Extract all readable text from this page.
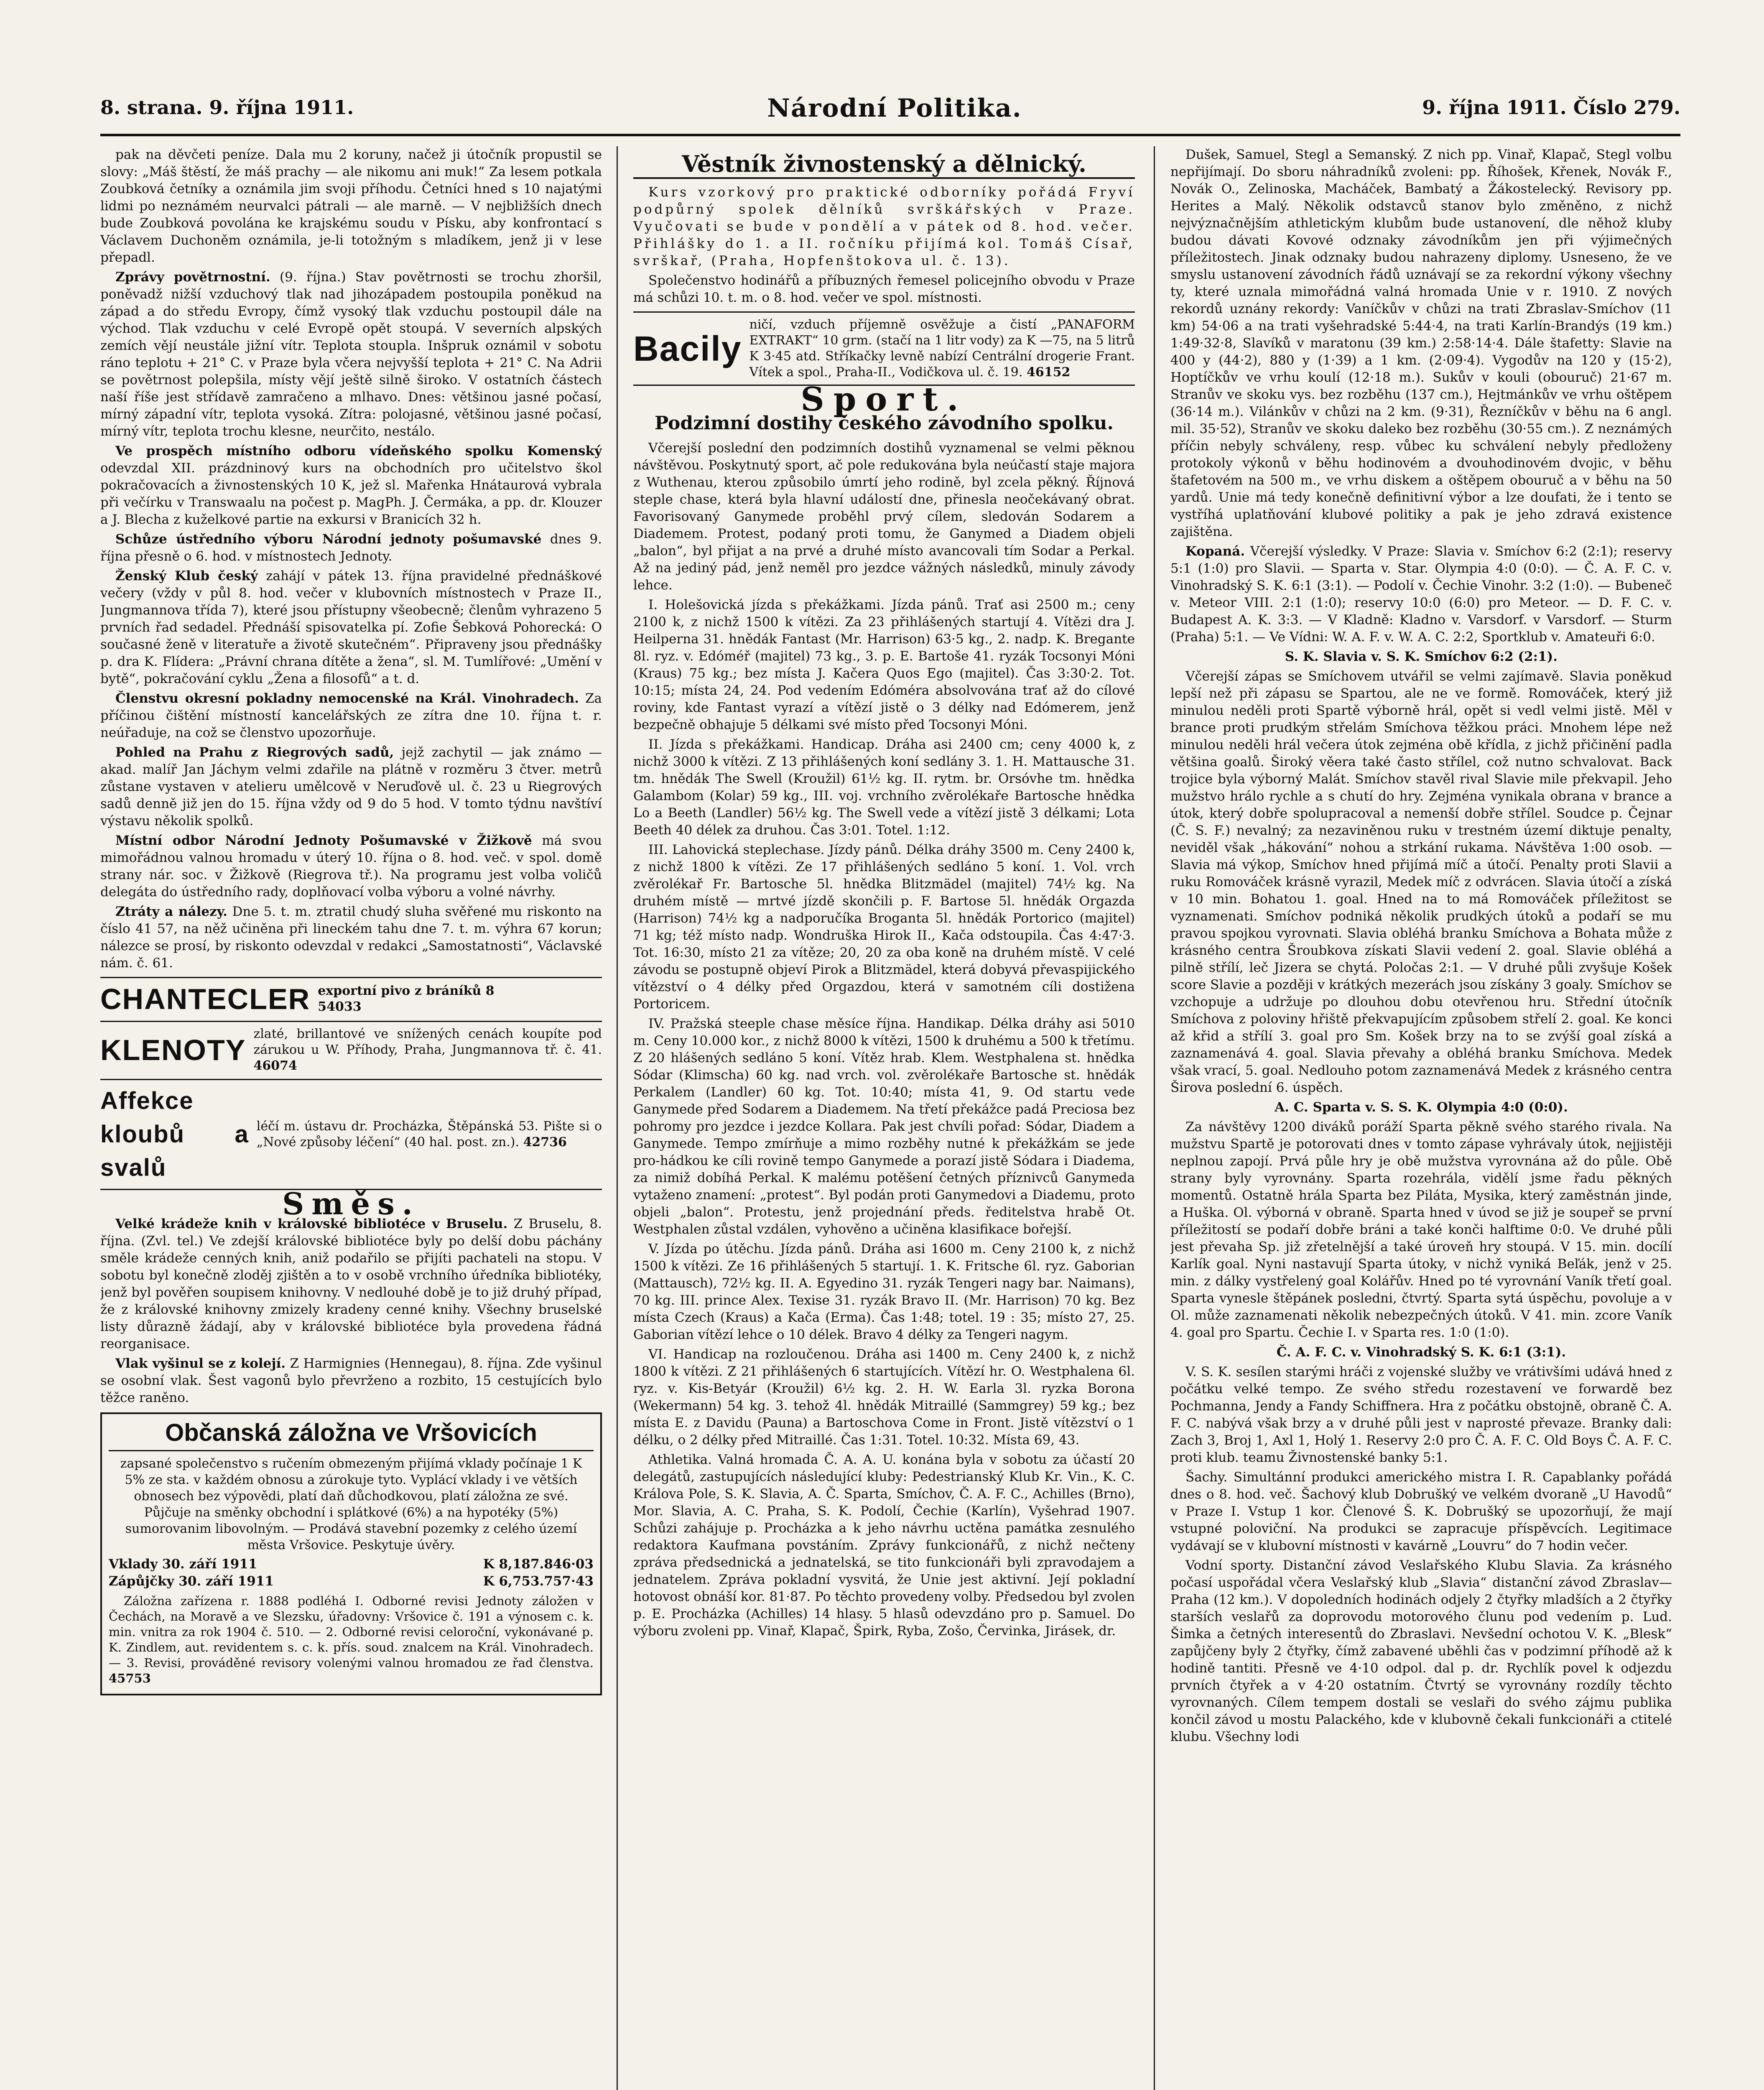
8. strana. 9. října 1911.	Národní Politika.	9. října 1911. Číslo 279.

pak na děvčeti peníze. Dala mu 2 koruny, načež ji útočník propustil se slovy: „Máš štěstí, že máš prachy — ale nikomu ani muk!“ Za lesem potkala Zoubková četníky a oznámila jim svoji příhodu. Četníci hned s 10 najatými lidmi po neznámém neurvalci pátrali — ale marně. — V nejbližších dnech bude Zoubková povolána ke krajskému soudu v Písku, aby konfrontací s Václavem Duchoněm oznámila, je-li totožným s mladíkem, jenž ji v lese přepadl.

Zprávy povětrnostní. (9. října.) Stav povětrnosti se trochu zhoršil, poněvadž nižší vzduchový tlak nad jihozápadem postoupila poněkud na západ a do středu Evropy, čímž vysoký tlak vzduchu postoupil dále na východ. Tlak vzduchu v celé Evropě opět stoupá. V severních alpských zemích vějí neustále jižní vítr. Teplota stoupla. Inšpruk oznámil v sobotu ráno teplotu + 21° C. v Praze byla včera nejvyšší teplota + 21° C. Na Adrii se povětrnost polepšila, místy vějí ještě silně široko. V ostatních částech naší říše jest střídavě zamračeno a mlhavo. Dnes: většinou jasné počasí, mírný západní vítr, teplota vysoká. Zítra: polojasné, většinou jasné počasí, mírný vítr, teplota trochu klesne, neurčito, nestálo.

Ve prospěch místního odboru vídeňského spolku Komenský odevzdal XII. prázdninový kurs na obchodních pro učitelstvo škol pokračovacích a živnostenských 10 K, jež sl. Mařenka Hnátaurová vybrala při večírku v Transwaalu na počest p. MagPh. J. Čermáka, a pp. dr. Klouzer a J. Blecha z kuželkové partie na exkursi v Branicích 32 h.

Schůze ústředního výboru Národní jednoty pošumavské dnes 9. října přesně o 6. hod. v místnostech Jednoty.

Ženský Klub český zahájí v pátek 13. října pravidelné přednáškové večery (vždy v půl 8. hod. večer v klubovních místnostech v Praze II., Jungmannova třída 7), které jsou přístupny všeobecně; členům vyhrazeno 5 prvních řad sedadel. Přednáší spisovatelka pí. Zofie Šebková Pohorecká: O současné ženě v literatuře a životě skutečném“. Připraveny jsou přednášky p. dra K. Flídera: „Právní chrana dítěte a žena“, sl. M. Tumlířové: „Umění v bytě“, pokračování cyklu „Žena a filosofů“ a t. d.

Členstvu okresní pokladny nemocenské na Král. Vinohradech. Za příčinou čištění místností kancelářských ze zítra dne 10. října t. r. neúřaduje, na což se členstvo upozorňuje.

Pohled na Prahu z Riegrových sadů, jejž zachytil — jak známo — akad. malíř Jan Jáchym velmi zdařile na plátně v rozměru 3 čtver. metrů zůstane vystaven v atelieru umělcově v Neruďově ul. č. 23 u Riegrových sadů denně již jen do 15. října vždy od 9 do 5 hod. V tomto týdnu navštíví výstavu několik spolků.

Místní odbor Národní Jednoty Pošumavské v Žižkově má svou mimořádnou valnou hromadu v úterý 10. října o 8. hod. več. v spol. domě strany nár. soc. v Žižkově (Riegrova tř.). Na programu jest volba voličů delegáta do ústředního rady, doplňovací volba výboru a volné návrhy.

Ztráty a nálezy. Dne 5. t. m. ztratil chudý sluha svěřené mu riskonto na číslo 41 57, na něž učiněna při lineckém tahu dne 7. t. m. výhra 67 korun; nálezce se prosí, by riskonto odevzdal v redakci „Samostatnosti“, Václavské nám. č. 61.

CHANTECLER exportní pivo z bráníků 8
54033
KLENOTY zlaté, brillantové ve snížených cenách koupíte pod zárukou u W. Příhody, Praha, Jungmannova tř. č. 41. 46074
Affekce kloubů a svalů
léčí m. ústavu dr. Procházka, Štěpánská 53. Pište si o „Nové způsoby léčení“ (40 hal. post. zn.). 42736
Směs.

Velké krádeže knih v královské bibliotéce v Bruselu. Z Bruselu, 8. října. (Zvl. tel.) Ve zdejší královské bibliotéce byly po delší dobu páchány směle krádeže cenných knih, aniž podařilo se přijíti pachateli na stopu. V sobotu byl konečně zloděj zjištěn a to v osobě vrchního úředníka bibliotéky, jenž byl pověřen soupisem knihovny. V nedlouhé době je to již druhý případ, že z královské knihovny zmizely kradeny cenné knihy. Všechny bruselské listy důrazně žádají, aby v královské bibliotéce byla provedena řádná reorganisace.

Vlak vyšinul se z kolejí. Z Harmignies (Hennegau), 8. října. Zde vyšinul se osobní vlak. Šest vagonů bylo převrženo a rozbito, 15 cestujících bylo těžce raněno.

Občanská záložna ve Vršovicích

zapsané společenstvo s ručením obmezeným přijímá vklady počínaje 1 K 5% ze sta. v každém obnosu a zúrokuje tyto. Vyplácí vklady i ve větších obnosech bez výpovědi, platí daň důchodkovou, platí záložna ze své. Půjčuje na směnky obchodní i splátkové (6%) a na hypotéky (5%) sumorovanim libovolným. — Prodává stavební pozemky z celého území města Vršovice. Peskytuje úvěry.

Vklady 30. září 1911	K 8,187.846·03
Zápůjčky 30. září 1911	K 6,753.757·43

Záložna zařízena r. 1888 podléhá I. Odborné revisi Jednoty záložen v Čechách, na Moravě a ve Slezsku, úřadovny: Vršovice č. 191 a výnosem c. k. min. vnitra za rok 1904 č. 510. — 2. Odborné revisi celoroční, vykonávané p. K. Zindlem, aut. revidentem s. c. k. přís. soud. znalcem na Král. Vinohradech. — 3. Revisi, prováděné revisory volenými valnou hromadou ze řad členstva. 45753

Věstník živnostenský a dělnický.

Kurs vzorkový pro praktické odborníky pořádá Fryví podpůrný spolek dělníků svrškářských v Praze. Vyučovati se bude v pondělí a v pátek od 8. hod. večer. Přihlášky do 1. a II. ročníku přijímá kol. Tomáš Císař, svrškař, (Praha, Hopfenštokova ul. č. 13).

Společenstvo hodinářů a příbuzných řemesel policejního obvodu v Praze má schůzi 10. t. m. o 8. hod. večer ve spol. místnosti.

Bacily
ničí, vzduch příjemně osvěžuje a čistí „PANAFORM EXTRAKT“ 10 grm. (stačí na 1 litr vody) za K —75, na 5 litrů K 3·45 atd. Stříkačky levně nabízí Centrální drogerie Frant. Vítek a spol., Praha-II., Vodičkova ul. č. 19. 46152
Sport.
Podzimní dostihy českého závodního spolku.

Včerejší poslední den podzimních dostihů vyznamenal se velmi pěknou návštěvou. Poskytnutý sport, ač pole redukována byla neúčastí staje majora z Wuthenau, kterou způsobilo úmrtí jeho rodině, byl zcela pěkný. Říjnová steple chase, která byla hlavní událostí dne, přinesla neočekávaný obrat. Favorisovaný Ganymede proběhl prvý cílem, sledován Sodarem a Diademem. Protest, podaný proti tomu, že Ganymed a Diadem objeli „balon“, byl přijat a na prvé a druhé místo avancovali tím Sodar a Perkal. Až na jediný pád, jenž neměl pro jezdce vážných následků, minuly závody lehce.

I. Holešovická jízda s překážkami. Jízda pánů. Trať asi 2500 m.; ceny 2100 k, z nichž 1500 k vítězi. Za 23 přihlášených startují 4. Vítězi dra J. Heilperna 31. hnědák Fantast (Mr. Harrison) 63·5 kg., 2. nadp. K. Bregante 8l. ryz. v. Edóméř (majitel) 73 kg., 3. p. E. Bartoše 41. ryzák Tocsonyi Móni (Kraus) 75 kg.; bez místa J. Kačera Quos Ego (majitel). Čas 3:30·2. Tot. 10:15; místa 24, 24. Pod vedením Edóméra absolvována trať až do cílové roviny, kde Fantast vyrazí a vítězí jistě o 3 délky nad Edómerem, jenž bezpečně obhajuje 5 délkami své místo před Tocsonyi Móni.

II. Jízda s překážkami. Handicap. Dráha asi 2400 cm; ceny 4000 k, z nichž 3000 k vítězi. Z 13 přihlášených koní sedlány 3. 1. H. Mattausche 31. tm. hnědák The Swell (Kroužil) 61½ kg. II. rytm. br. Orsóvhe tm. hnědka Galambom (Kolar) 59 kg., III. voj. vrchního zvěrolékaře Bartosche hnědka Lo a Beeth (Landler) 56½ kg. The Swell vede a vítězí jistě 3 délkami; Lota Beeth 40 délek za druhou. Čas 3:01. Totel. 1:12.

III. Lahovická steplechase. Jízdy pánů. Délka dráhy 3500 m. Ceny 2400 k, z nichž 1800 k vítězi. Ze 17 přihlášených sedláno 5 koní. 1. Vol. vrch zvěrolékař Fr. Bartosche 5l. hnědka Blitzmädel (majitel) 74½ kg. Na druhém místě — mrtvé jízdě skončili p. F. Bartose 5l. hnědák Orgazda (Harrison) 74½ kg a nadporučíka Broganta 5l. hnědák Portorico (majitel) 71 kg; též místo nadp. Wondruška Hirok II., Kača odstoupila. Čas 4:47·3. Tot. 16:30, místo 21 za vítěze; 20, 20 za oba koně na druhém místě. V celé závodu se postupně objeví Pirok a Blitzmädel, která dobyvá převaspijického vítězství o 4 délky před Orgazdou, která v samotném cíli dostižena Portoricem.

IV. Pražská steeple chase měsíce října. Handikap. Délka dráhy asi 5010 m. Ceny 10.000 kor., z nichž 8000 k vítězi, 1500 k druhému a 500 k třetímu. Z 20 hlášených sedláno 5 koní. Vítěz hrab. Klem. Westphalena st. hnědka Sódar (Klimscha) 60 kg. nad vrch. vol. zvěrolékaře Bartosche st. hnědák Perkalem (Landler) 60 kg. Tot. 10:40; místa 41, 9. Od startu vede Ganymede před Sodarem a Diademem. Na třetí překážce padá Preciosa bez pohromy pro jezdce i jezdce Kollara. Pak jest chvíli pořad: Sódar, Diadem a Ganymede. Tempo zmírňuje a mimo rozběhy nutné k překážkám se jede pro-hádkou ke cíli rovině tempo Ganymede a porazí jistě Sódara i Diadema, za nimiž dobíhá Perkal. K malému potěšení četných příznivců Ganymeda vytaženo znamení: „protest“. Byl podán proti Ganymedovi a Diademu, proto objeli „balon“. Protestu, jenž projednání předs. ředitelstva hrabě Ot. Westphalen zůstal vzdálen, vyhověno a učiněna klasifikace bořejší.

V. Jízda po útěchu. Jízda pánů. Dráha asi 1600 m. Ceny 2100 k, z nichž 1500 k vítězi. Ze 16 přihlášených 5 startují. 1. K. Fritsche 6l. ryz. Gaborian (Mattausch), 72½ kg. II. A. Egyedino 31. ryzák Tengeri nagy bar. Naimans), 70 kg. III. prince Alex. Texise 31. ryzák Bravo II. (Mr. Harrison) 70 kg. Bez místa Czech (Kraus) a Kača (Erma). Čas 1:48; totel. 19 : 35; místo 27, 25. Gaborian vítězí lehce o 10 délek. Bravo 4 délky za Tengeri nagym.

VI. Handicap na rozloučenou. Dráha asi 1400 m. Ceny 2400 k, z nichž 1800 k vítězi. Z 21 přihlášených 6 startujících. Vítězí hr. O. Westphalena 6l. ryz. v. Kis-Betyár (Kroužil) 6½ kg. 2. H. W. Earla 3l. ryzka Borona (Wekermann) 54 kg. 3. tehož 4l. hnědák Mitraillé (Sammgrey) 59 kg.; bez místa E. z Davidu (Pauna) a Bartoschova Come in Front. Jistě vítězství o 1 délku, o 2 délky před Mitraillé. Čas 1:31. Totel. 10:32. Místa 69, 43.

Athletika. Valná hromada Č. A. A. U. konána byla v sobotu za účastí 20 delegátů, zastupujících následující kluby: Pedestrianský Klub Kr. Vin., K. C. Králova Pole, S. K. Slavia, A. Č. Sparta, Smíchov, Č. A. F. C., Achilles (Brno), Mor. Slavia, A. C. Praha, S. K. Podolí, Čechie (Karlín), Vyšehrad 1907. Schůzi zahájuje p. Procházka a k jeho návrhu uctěna památka zesnulého redaktora Kaufmana povstáním. Zprávy funkcionářů, z nichž nečteny zpráva předsednická a jednatelská, se tito funkcionáři byli zpravodajem a jednatelem. Zpráva pokladní vysvitá, že Unie jest aktivní. Její pokladní hotovost obnáší kor. 81·87. Po těchto provedeny volby. Předsedou byl zvolen p. E. Procházka (Achilles) 14 hlasy. 5 hlasů odevzdáno pro p. Samuel. Do výboru zvoleni pp. Vinař, Klapač, Špirk, Ryba, Zošo, Červinka, Jirásek, dr.

Dušek, Samuel, Stegl a Semanský. Z nich pp. Vinař, Klapač, Stegl volbu nepřijímají. Do sboru náhradníků zvoleni: pp. Říhošek, Křenek, Novák F., Novák O., Zelinoska, Macháček, Bambatý a Žákostelecký. Revisory pp. Herites a Malý. Několik odstavců stanov bylo změněno, z nichž nejvýznačnějším athletickým klubům bude ustanovení, dle něhož kluby budou dávati Kovové odznaky závodníkům jen při výjimečných příležitostech. Jinak odznaky budou nahrazeny diplomy. Usneseno, že ve smyslu ustanovení závodních řádů uznávají se za rekordní výkony všechny ty, které uznala mimořádná valná hromada Unie v r. 1910. Z nových rekordů uznány rekordy: Vaníčkův v chůzi na trati Zbraslav-Smíchov (11 km) 54·06 a na trati vyšehradské 5:44·4, na trati Karlín-Brandýs (19 km.) 1:49·32·8, Slavíků v maratonu (39 km.) 2:58·14·4. Dále štafetty: Slavie na 400 y (44·2), 880 y (1·39) a 1 km. (2·09·4). Vygodův na 120 y (15·2), Hoptíčkův ve vrhu koulí (12·18 m.). Sukův v kouli (obouruč) 21·67 m. Stranův ve skoku vys. bez rozběhu (137 cm.), Hejtmánkův ve vrhu oštěpem (36·14 m.). Vilánkův v chůzi na 2 km. (9·31), Řezníčkův v běhu na 6 angl. mil. 35·52), Stranův ve skoku daleko bez rozběhu (30·55 cm.). Z neznámých příčin nebyly schváleny, resp. vůbec ku schválení nebyly předloženy protokoly výkonů v běhu hodinovém a dvouhodinovém dvojic, v běhu štafetovém na 500 m., ve vrhu diskem a oštěpem obouruč a v běhu na 50 yardů. Unie má tedy konečně definitivní výbor a lze doufati, že i tento se vystříhá uplatňování klubové politiky a pak je jeho zdravá existence zajištěna.

Kopaná. Včerejší výsledky. V Praze: Slavia v. Smíchov 6:2 (2:1); reservy 5:1 (1:0) pro Slavii. — Sparta v. Star. Olympia 4:0 (0:0). — Č. A. F. C. v. Vinohradský S. K. 6:1 (3:1). — Podolí v. Čechie Vinohr. 3:2 (1:0). — Bubeneč v. Meteor VIII. 2:1 (1:0); reservy 10:0 (6:0) pro Meteor. — D. F. C. v. Budapest A. K. 3:3. — V Kladně: Kladno v. Varsdorf. v Varsdorf. — Sturm (Praha) 5:1. — Ve Vídni: W. A. F. v. W. A. C. 2:2, Sportklub v. Amateuři 6:0.

S. K. Slavia v. S. K. Smíchov 6:2 (2:1).

Včerejší zápas se Smíchovem utvářil se velmi zajímavě. Slavia poněkud lepší než při zápasu se Spartou, ale ne ve formě. Romováček, který již minulou neděli proti Spartě výborně hrál, opět si vedl velmi jistě. Měl v brance proti prudkým střelám Smíchova těžkou práci. Mnohem lépe než minulou neděli hrál večera útok zejména obě křídla, z jichž přičinění padla většina goalů. Široký věera také často střílel, což nutno schvalovat. Back trojice byla výborný Malát. Smíchov stavěl rival Slavie mile překvapil. Jeho mužstvo hrálo rychle a s chutí do hry. Zejména vynikala obrana v brance a útok, který dobře spolupracoval a nemenší dobře střílel. Soudce p. Čejnar (Č. S. F.) nevalný; za nezaviněnou ruku v trestném území diktuje penalty, neviděl však „hákování“ nohou a strkání rukama. Návštěva 1:00 osob. — Slavia má výkop, Smíchov hned přijímá míč a útočí. Penalty proti Slavii a ruku Romováček krásně vyrazil, Medek míč z odvrácen. Slavia útočí a získá v 10 min. Bohatou 1. goal. Hned na to má Romováček příležitost se vyznamenati. Smíchov podniká několik prudkých útoků a podaří se mu pravou spojkou vyrovnati. Slavia obléhá branku Smíchova a Bohata může z krásného centra Šroubkova získati Slavii vedení 2. goal. Slavie obléhá a pilně střílí, leč Jizera se chytá. Poločas 2:1. — V druhé půli zvyšuje Košek score Slavie a později v krátkých mezerách jsou získány 3 goaly. Smíchov se vzchopuje a udržuje po dlouhou dobu otevřenou hru. Střední útočník Smíchova z poloviny hřiště překvapujícím způsobem střelí 2. goal. Ke konci až křid a střílí 3. goal pro Sm. Košek brzy na to se zvýší goal získá a zaznamenává 4. goal. Slavia převahy a obléhá branku Smíchova. Medek však vrací, 5. goal. Nedlouho potom zaznamenává Medek z krásného centra Širova poslední 6. úspěch.

A. C. Sparta v. S. S. K. Olympia 4:0 (0:0).

Za návštěvy 1200 diváků poráží Sparta pěkně svého starého rivala. Na mužstvu Spartě je potorovati dnes v tomto zápase vyhrávaly útok, nejjistěji neplnou zapojí. Prvá půle hry je obě mužstva vyrovnána až do půle. Obě strany byly vyrovnány. Sparta rozehrála, vidělí jsme řadu pěkných momentů. Ostatně hrála Sparta bez Piláta, Mysika, který zaměstnán jinde, a Huška. Ol. výborná v obraně. Sparta hned v úvod se již je soupeř se první příležitostí se podaří dobře bráni a také konči halftime 0:0. Ve druhé půli jest převaha Sp. již zřetelnější a také úroveň hry stoupá. V 15. min. docílí Karlík goal. Nyni nastavují Sparta útoky, v nichž vyniká Beľák, jenž v 25. min. z dálky vystřelený goal Kolářův. Hned po té vyrovnání Vaník třetí goal. Sparta vynesle štěpánek posledni, čtvrtý. Sparta sytá úspěchu, povoluje a v Ol. může zaznamenati několik nebezpečných útoků. V 41. min. zcore Vaník 4. goal pro Spartu. Čechie I. v Sparta res. 1:0 (1:0).

Č. A. F. C. v. Vinohradský S. K. 6:1 (3:1).

V. S. K. sesílen starými hráči z vojenské služby ve vrátivšími udává hned z počátku velké tempo. Ze svého středu rozestavení ve forwardě bez Pochmanna, Jendy a Fandy Schiffnera. Hra z počátku obstojně, obraně Č. A. F. C. nabývá však brzy a v druhé půli jest v naprosté převaze. Branky dali: Zach 3, Broj 1, Axl 1, Holý 1. Reservy 2:0 pro Č. A. F. C. Old Boys Č. A. F. C. proti klub. teamu Živnostenské banky 5:1.

Šachy. Simultánní produkci amerického mistra I. R. Capablanky pořádá dnes o 8. hod. več. Šachový klub Dobrušký ve velkém dvoraně „U Havodů“ v Praze I. Vstup 1 kor. Členové Š. K. Dobrušký se upozorňují, že mají vstupné poloviční. Na produkci se zapracuje příspěvcích. Legitimace vydávají se v klubovní místnosti v kavárně „Louvru“ do 7 hodin večer.

Vodní sporty. Distanční závod Veslařského Klubu Slavia. Za krásného počasí uspořádal včera Veslařský klub „Slavia“ distanční závod Zbraslav—Praha (12 km.). V dopoledních hodinách odjely 2 čtyřky mladších a 2 čtyřky starších veslařů za doprovodu motorového člunu pod vedením p. Lud. Šimka a četných interesentů do Zbraslavi. Nevšední ochotou V. K. „Blesk“ zapůjčeny byly 2 čtyřky, čímž zabavené uběhli čas v podzimní příhodě až k hodině tantiti. Přesně ve 4·10 odpol. dal p. dr. Rychlík povel k odjezdu prvních čtyřek a v 4·20 ostatním. Čtvrtý se vyrovnány rozdíly těchto vyrovnaných. Cílem tempem dostali se veslaři do svého zájmu publika končil závod u mostu Palackého, kde v klubovně čekali funkcionáři a ctitelé klubu. Všechny lodi
